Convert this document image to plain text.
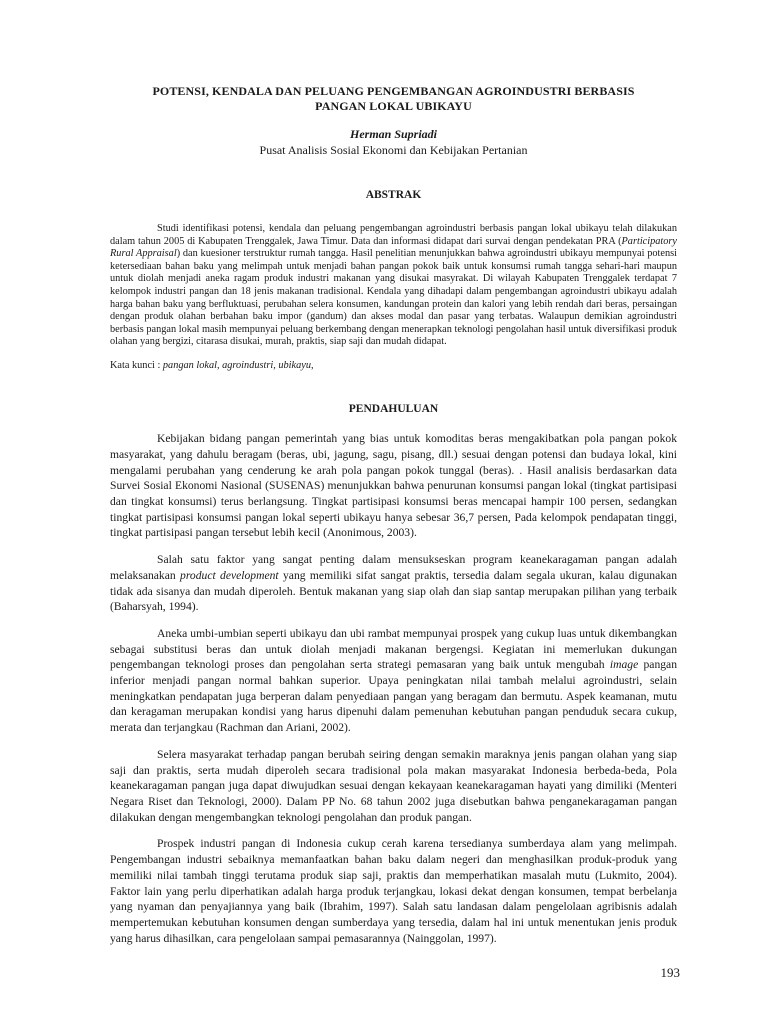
POTENSI, KENDALA DAN PELUANG PENGEMBANGAN AGROINDUSTRI BERBASIS
PANGAN LOKAL UBIKAYU
Herman Supriadi
Pusat Analisis Sosial Ekonomi dan Kebijakan Pertanian
ABSTRAK

Studi identifikasi potensi, kendala dan peluang pengembangan agroindustri berbasis pangan lokal ubikayu telah dilakukan dalam tahun 2005 di Kabupaten Trenggalek, Jawa Timur. Data dan informasi didapat dari survai dengan pendekatan PRA (Participatory Rural Appraisal) dan kuesioner terstruktur rumah tangga. Hasil penelitian menunjukkan bahwa agroindustri ubikayu mempunyai potensi ketersediaan bahan baku yang melimpah untuk menjadi bahan pangan pokok baik untuk konsumsi rumah tangga sehari-hari maupun untuk diolah menjadi aneka ragam produk industri makanan yang disukai masyrakat. Di wilayah Kabupaten Trenggalek terdapat 7 kelompok industri pangan dan 18 jenis makanan tradisional. Kendala yang dihadapi dalam pengembangan agroindustri ubikayu adalah harga bahan baku yang berfluktuasi, perubahan selera konsumen, kandungan protein dan kalori yang lebih rendah dari beras, persaingan dengan produk olahan berbahan baku impor (gandum) dan akses modal dan pasar yang terbatas. Walaupun demikian agroindustri berbasis pangan lokal masih mempunyai peluang berkembang dengan menerapkan teknologi pengolahan hasil untuk diversifikasi produk olahan yang bergizi, citarasa disukai, murah, praktis, siap saji dan mudah didapat.

Kata kunci : pangan lokal, agroindustri, ubikayu,
PENDAHULUAN

Kebijakan bidang pangan pemerintah yang bias untuk komoditas beras mengakibatkan pola pangan pokok masyarakat, yang dahulu beragam (beras, ubi, jagung, sagu, pisang, dll.) sesuai dengan potensi dan budaya lokal, kini mengalami perubahan yang cenderung ke arah pola pangan pokok tunggal (beras). . Hasil analisis berdasarkan data Survei Sosial Ekonomi Nasional (SUSENAS) menunjukkan bahwa penurunan konsumsi pangan lokal (tingkat partisipasi dan tingkat konsumsi) terus berlangsung. Tingkat partisipasi konsumsi beras mencapai hampir 100 persen, sedangkan tingkat partisipasi konsumsi pangan lokal seperti ubikayu hanya sebesar 36,7 persen, Pada kelompok pendapatan tinggi, tingkat partisipasi pangan tersebut lebih kecil (Anonimous, 2003).

Salah satu faktor yang sangat penting dalam mensukseskan program keanekaragaman pangan adalah melaksanakan product development yang memiliki sifat sangat praktis, tersedia dalam segala ukuran, kalau digunakan tidak ada sisanya dan mudah diperoleh. Bentuk makanan yang siap olah dan siap santap merupakan pilihan yang terbaik (Baharsyah, 1994).

Aneka umbi-umbian seperti ubikayu dan ubi rambat mempunyai prospek yang cukup luas untuk dikembangkan sebagai substitusi beras dan untuk diolah menjadi makanan bergengsi. Kegiatan ini memerlukan dukungan pengembangan teknologi proses dan pengolahan serta strategi pemasaran yang baik untuk mengubah image pangan inferior menjadi pangan normal bahkan superior. Upaya peningkatan nilai tambah melalui agroindustri, selain meningkatkan pendapatan juga berperan dalam penyediaan pangan yang beragam dan bermutu. Aspek keamanan, mutu dan keragaman merupakan kondisi yang harus dipenuhi dalam pemenuhan kebutuhan pangan penduduk secara cukup, merata dan terjangkau (Rachman dan Ariani, 2002).

Selera masyarakat terhadap pangan berubah seiring dengan semakin maraknya jenis pangan olahan yang siap saji dan praktis, serta mudah diperoleh secara tradisional pola makan masyarakat Indonesia berbeda-beda, Pola keanekaragaman pangan juga dapat diwujudkan sesuai dengan kekayaan keanekaragaman hayati yang dimiliki (Menteri Negara Riset dan Teknologi, 2000). Dalam PP No. 68 tahun 2002 juga disebutkan bahwa penganekaragaman pangan dilakukan dengan mengembangkan teknologi pengolahan dan produk pangan.

Prospek industri pangan di Indonesia cukup cerah karena tersedianya sumberdaya alam yang melimpah. Pengembangan industri sebaiknya memanfaatkan bahan baku dalam negeri dan menghasilkan produk-produk yang memiliki nilai tambah tinggi terutama produk siap saji, praktis dan memperhatikan masalah mutu (Lukmito, 2004). Faktor lain yang perlu diperhatikan adalah harga produk terjangkau, lokasi dekat dengan konsumen, tempat berbelanja yang nyaman dan penyajiannya yang baik (Ibrahim, 1997). Salah satu landasan dalam pengelolaan agribisnis adalah mempertemukan kebutuhan konsumen dengan sumberdaya yang tersedia, dalam hal ini untuk menentukan jenis produk yang harus dihasilkan, cara pengelolaan sampai pemasarannya (Nainggolan, 1997).

193
